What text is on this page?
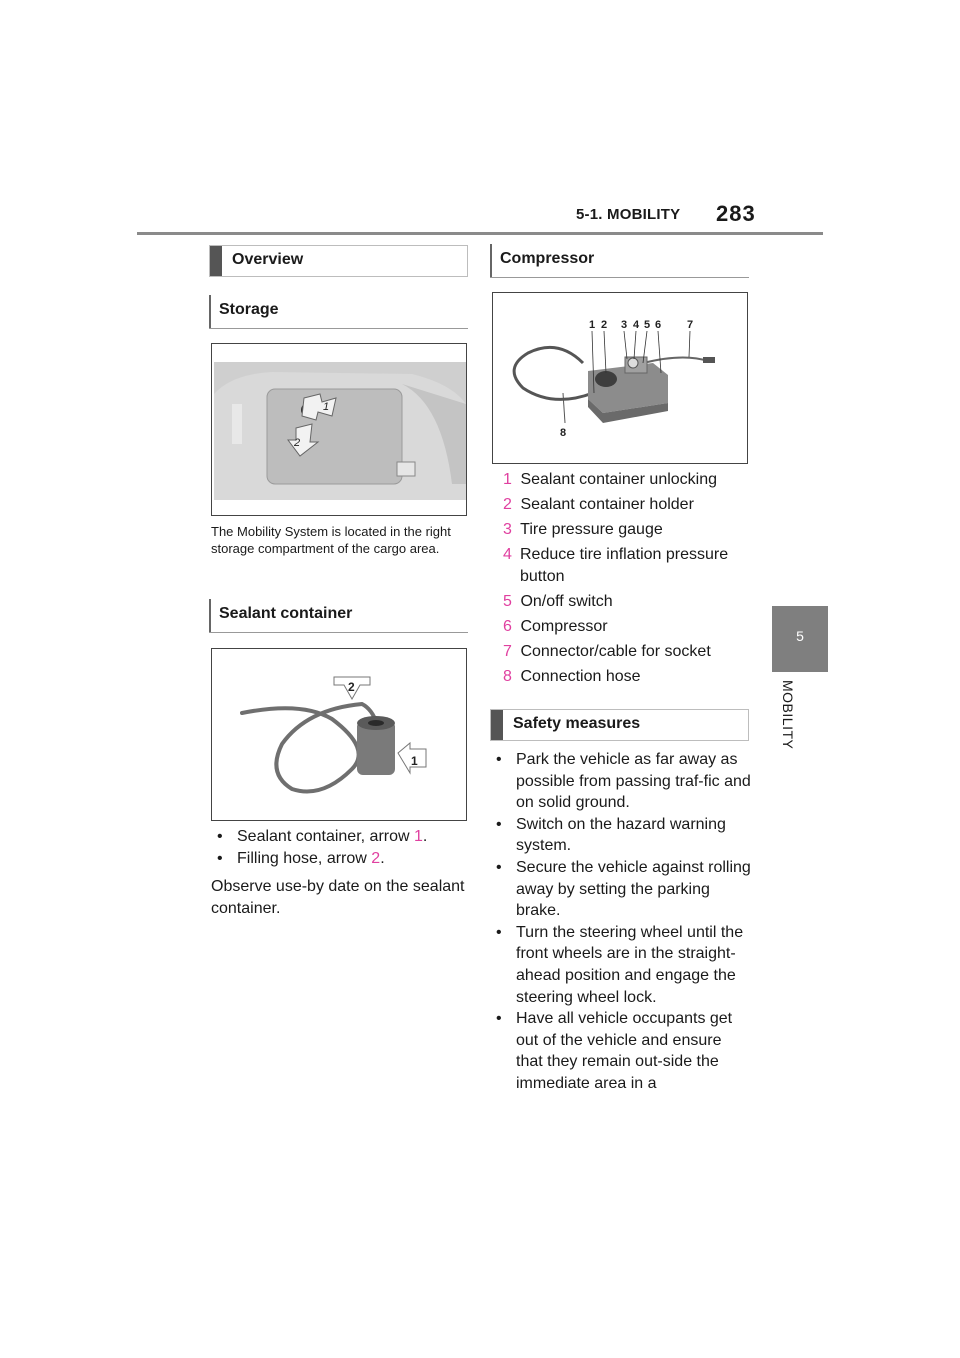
5-1. MOBILITY 283
5
MOBILITY
Overview
Storage
1
2
The Mobility System is located in the right storage compartment of the cargo area.
Sealant container
2
1
• Sealant container, arrow 1.
• Filling hose, arrow 2.
Observe use-by date on the sealant container.
Compressor
1 2 3 4 5 6 7
8
1 Sealant container unlocking
2 Sealant container holder
3 Tire pressure gauge
4 Reduce tire inflation pressure button
5 On/off switch
6 Compressor
7 Connector/cable for socket
8 Connection hose
Safety measures
• Park the vehicle as far away as possible from passing traf-fic and on solid ground.
• Switch on the hazard warning system.
• Secure the vehicle against rolling away by setting the parking brake.
• Turn the steering wheel until the front wheels are in the straight-ahead position and engage the steering wheel lock.
• Have all vehicle occupants get out of the vehicle and ensure that they remain out-side the immediate area in a
